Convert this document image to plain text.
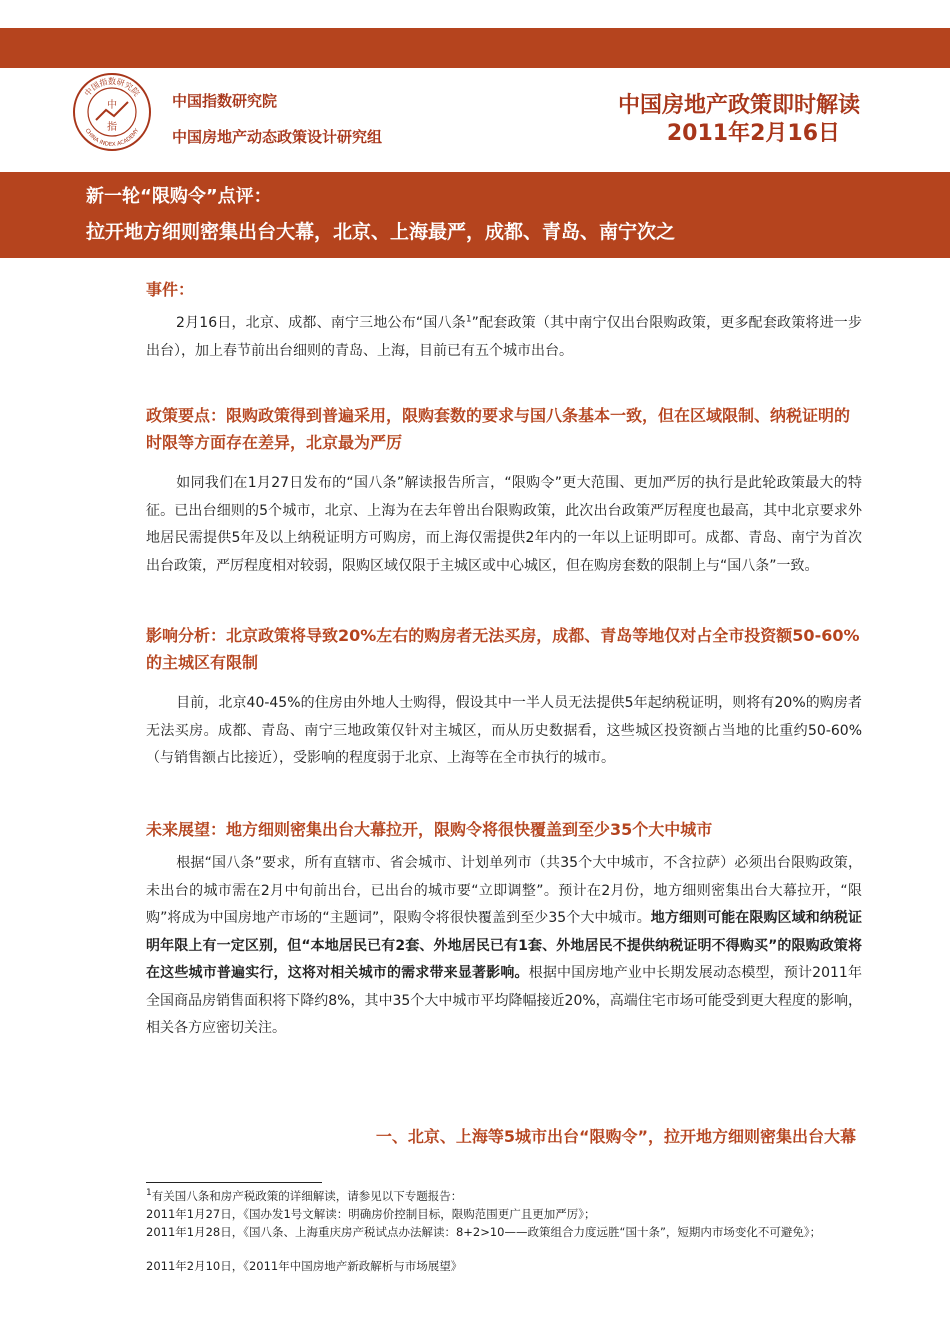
中国指数研究院
CHINA INDEX ACADEMY
中
指
中国指数研究院
中国房地产动态政策设计研究组
中国房地产政策即时解读
2011年2月16日
新一轮“限购令”点评：
拉开地方细则密集出台大幕，北京、上海最严，成都、青岛、南宁次之
事件：
2月16日，北京、成都、南宁三地公布“国八条$^1$”配套政策（其中南宁仅出台限购政策，更多配套政策将进一步出台），加上春节前出台细则的青岛、上海，目前已有五个城市出台。
政策要点：限购政策得到普遍采用，限购套数的要求与国八条基本一致，但在区域限制、纳税证明的时限等方面存在差异，北京最为严厉
如同我们在1月27日发布的“国八条”解读报告所言，“限购令”更大范围、更加严厉的执行是此轮政策最大的特征。已出台细则的5个城市，北京、上海为在去年曾出台限购政策，此次出台政策严厉程度也最高，其中北京要求外地居民需提供5年及以上纳税证明方可购房，而上海仅需提供2年内的一年以上证明即可。成都、青岛、南宁为首次出台政策，严厉程度相对较弱，限购区域仅限于主城区或中心城区，但在购房套数的限制上与“国八条”一致。
影响分析：北京政策将导致20%左右的购房者无法买房，成都、青岛等地仅对占全市投资额50-60%的主城区有限制
目前，北京40-45%的住房由外地人士购得，假设其中一半人员无法提供5年起纳税证明，则将有20%的购房者无法买房。成都、青岛、南宁三地政策仅针对主城区，而从历史数据看，这些城区投资额占当地的比重约50-60%（与销售额占比接近），受影响的程度弱于北京、上海等在全市执行的城市。
未来展望：地方细则密集出台大幕拉开，限购令将很快覆盖到至少35个大中城市
根据“国八条”要求，所有直辖市、省会城市、计划单列市（共35个大中城市，不含拉萨）必须出台限购政策，未出台的城市需在2月中旬前出台，已出台的城市要“立即调整”。预计在2月份，地方细则密集出台大幕拉开，“限购”将成为中国房地产市场的“主题词”，限购令将很快覆盖到至少35个大中城市。地方细则可能在限购区域和纳税证明年限上有一定区别，但“本地居民已有2套、外地居民已有1套、外地居民不提供纳税证明不得购买”的限购政策将在这些城市普遍实行，这将对相关城市的需求带来显著影响。根据中国房地产业中长期发展动态模型，预计2011年全国商品房销售面积将下降约8%，其中35个大中城市平均降幅接近20%，高端住宅市场可能受到更大程度的影响，相关各方应密切关注。
一、北京、上海等5城市出台“限购令”，拉开地方细则密集出台大幕
$^1$有关国八条和房产税政策的详细解读，请参见以下专题报告：
2011年1月27日，《国办发1号文解读：明确房价控制目标，限购范围更广且更加严厉》；
2011年1月28日，《国八条、上海重庆房产税试点办法解读：8+2>10——政策组合力度远胜“国十条”，短期内市场变化不可避免》；
2011年2月10日，《2011年中国房地产新政解析与市场展望》
